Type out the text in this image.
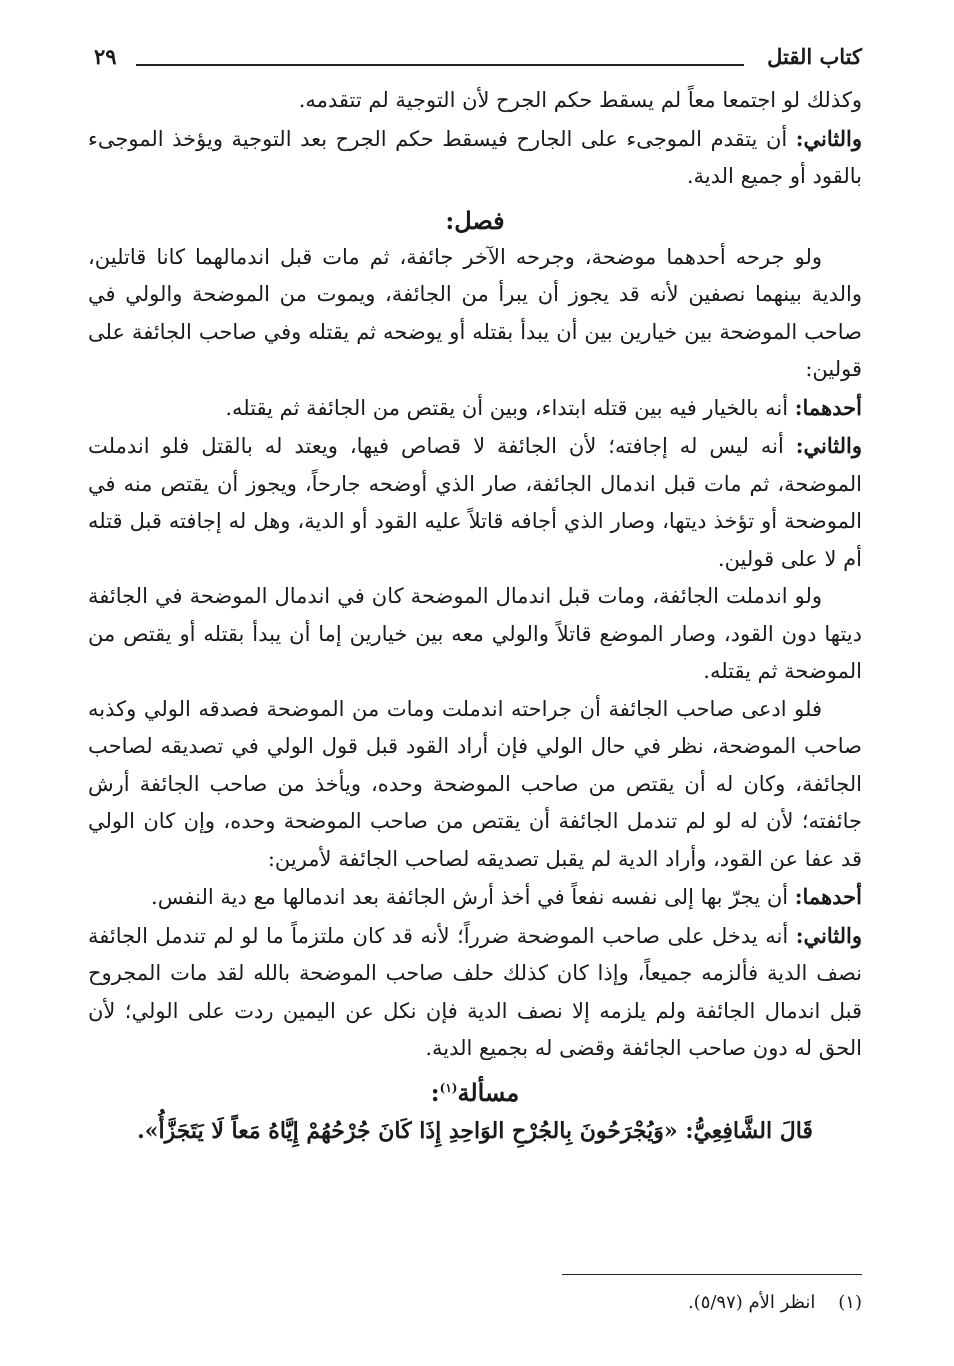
كتاب القتل
٢٩

وكذلك لو اجتمعا معاً لم يسقط حكم الجرح لأن التوجية لم تتقدمه.

والثاني: أن يتقدم الموجىء على الجارح فيسقط حكم الجرح بعد التوجية ويؤخذ الموجىء بالقود أو جميع الدية.

فصل:

ولو جرحه أحدهما موضحة، وجرحه الآخر جائفة، ثم مات قبل اندمالهما كانا قاتلين، والدية بينهما نصفين لأنه قد يجوز أن يبرأ من الجائفة، ويموت من الموضحة والولي في صاحب الموضحة بين خيارين بين أن يبدأ بقتله أو يوضحه ثم يقتله وفي صاحب الجائفة على قولين:

أحدهما: أنه بالخيار فيه بين قتله ابتداء، وبين أن يقتص من الجائفة ثم يقتله.

والثاني: أنه ليس له إجافته؛ لأن الجائفة لا قصاص فيها، ويعتد له بالقتل فلو اندملت الموضحة، ثم مات قبل اندمال الجائفة، صار الذي أوضحه جارحاً، ويجوز أن يقتص منه في الموضحة أو تؤخذ ديتها، وصار الذي أجافه قاتلاً عليه القود أو الدية، وهل له إجافته قبل قتله أم لا على قولين.

ولو اندملت الجائفة، ومات قبل اندمال الموضحة كان في اندمال الموضحة في الجائفة ديتها دون القود، وصار الموضع قاتلاً والولي معه بين خيارين إما أن يبدأ بقتله أو يقتص من الموضحة ثم يقتله.

فلو ادعى صاحب الجائفة أن جراحته اندملت ومات من الموضحة فصدقه الولي وكذبه صاحب الموضحة، نظر في حال الولي فإن أراد القود قبل قول الولي في تصديقه لصاحب الجائفة، وكان له أن يقتص من صاحب الموضحة وحده، ويأخذ من صاحب الجائفة أرش جائفته؛ لأن له لو لم تندمل الجائفة أن يقتص من صاحب الموضحة وحده، وإن كان الولي قد عفا عن القود، وأراد الدية لم يقبل تصديقه لصاحب الجائفة لأمرين:

أحدهما: أن يجرّ بها إلى نفسه نفعاً في أخذ أرش الجائفة بعد اندمالها مع دية النفس.

والثاني: أنه يدخل على صاحب الموضحة ضرراً؛ لأنه قد كان ملتزماً ما لو لم تندمل الجائفة نصف الدية فألزمه جميعاً، وإذا كان كذلك حلف صاحب الموضحة بالله لقد مات المجروح قبل اندمال الجائفة ولم يلزمه إلا نصف الدية فإن نكل عن اليمين ردت على الولي؛ لأن الحق له دون صاحب الجائفة وقضى له بجميع الدية.

مسألة$^{(١)}$:
قَالَ الشَّافِعِيُّ: «وَيُجْرَحُونَ بِالجُرْحِ الوَاحِدِ إِذَا كَانَ جُرْحُهُمْ إِيَّاهُ مَعاً لَا يَتَجَزَّأُ».
(١)    انظر الأم (٥/٩٧).
